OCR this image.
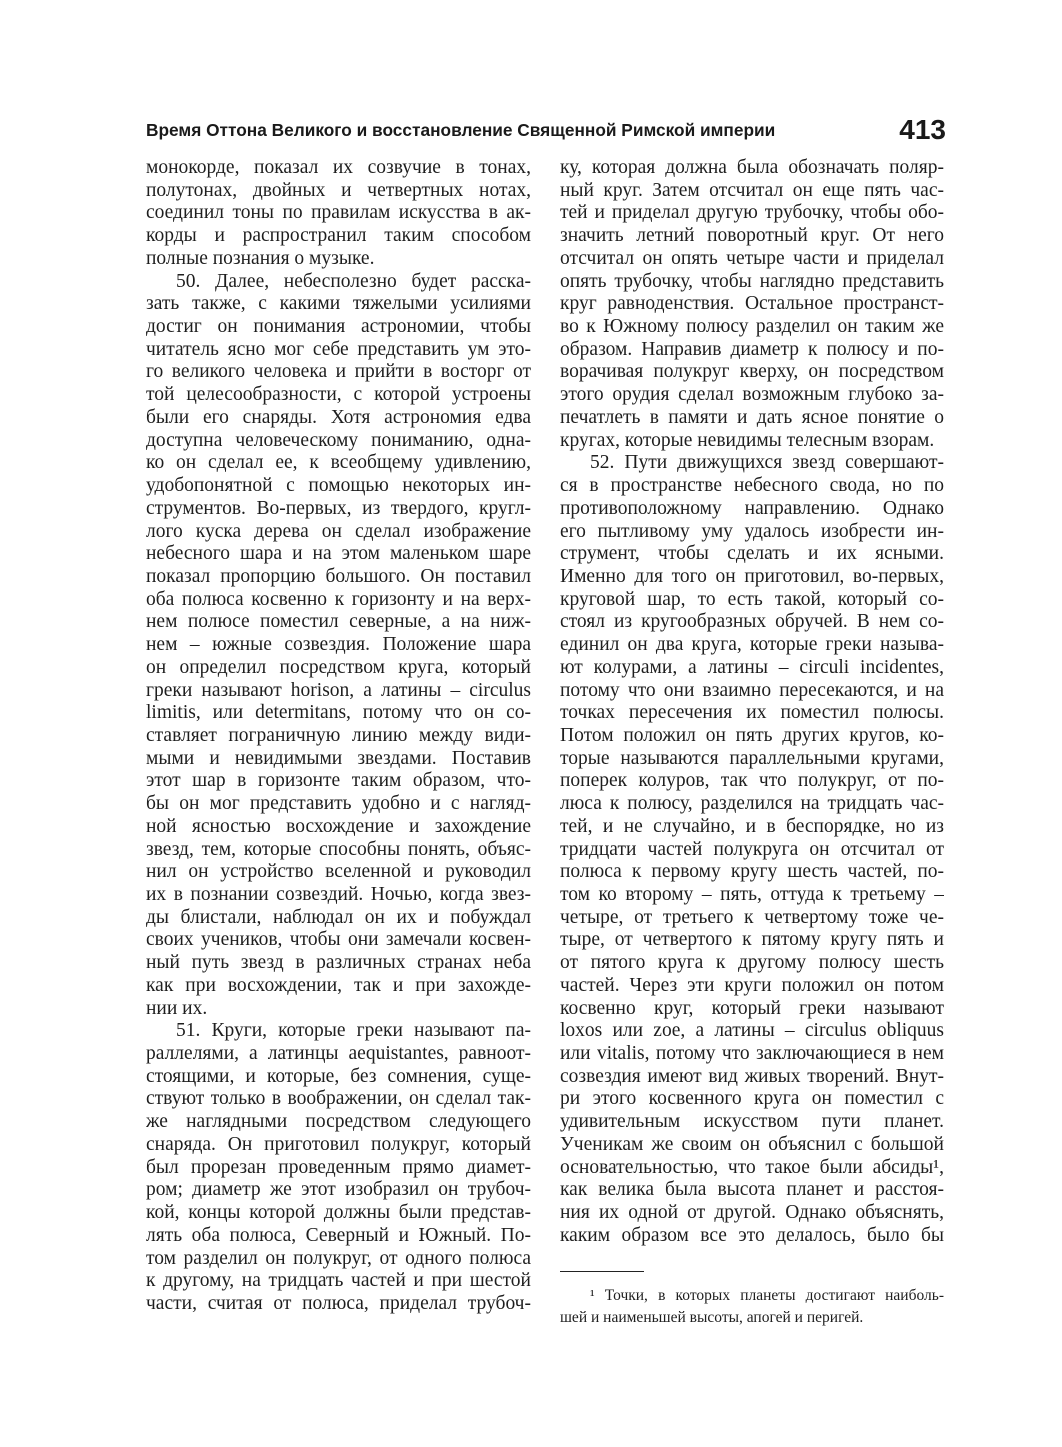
Время Оттона Великого и восстановление Священной Римской империи	413
монокорде, показал их созвучие в тонах,
полутонах, двойных и четвертных нотах,
соединил тоны по правилам искусства в ак-
корды и распространил таким способом
полные познания о музыке.
50. Далее, небесполезно будет расска-
зать также, с какими тяжелыми усилиями
достиг он понимания астрономии, чтобы
читатель ясно мог себе представить ум это-
го великого человека и прийти в восторг от
той целесообразности, с которой устроены
были его снаряды. Хотя астрономия едва
доступна человеческому пониманию, одна-
ко он сделал ее, к всеобщему удивлению,
удобопонятной с помощью некоторых ин-
струментов. Во-первых, из твердого, кругл-
лого куска дерева он сделал изображение
небесного шара и на этом маленьком шаре
показал пропорцию большого. Он поставил
оба полюса косвенно к горизонту и на верх-
нем полюсе поместил северные, а на ниж-
нем – южные созвездия. Положение шара
он определил посредством круга, который
греки называют horison, а латины – circulus
limitis, или determitans, потому что он со-
ставляет пограничную линию между види-
мыми и невидимыми звездами. Поставив
этот шар в горизонте таким образом, что-
бы он мог представить удобно и с нагляд-
ной ясностью восхождение и захождение
звезд, тем, которые способны понять, объяс-
нил он устройство вселенной и руководил
их в познании созвездий. Ночью, когда звез-
ды блистали, наблюдал он их и побуждал
своих учеников, чтобы они замечали косвен-
ный путь звезд в различных странах неба
как при восхождении, так и при захожде-
нии их.
51. Круги, которые греки называют па-
раллелями, а латинцы aequistantes, равноот-
стоящими, и которые, без сомнения, суще-
ствуют только в воображении, он сделал так-
же наглядными посредством следующего
снаряда. Он приготовил полукруг, который
был прорезан проведенным прямо диамет-
ром; диаметр же этот изобразил он трубоч-
кой, концы которой должны были представ-
лять оба полюса, Северный и Южный. По-
том разделил он полукруг, от одного полюса
к другому, на тридцать частей и при шестой
части, считая от полюса, приделал трубоч-
ку, которая должна была обозначать поляр-
ный круг. Затем отсчитал он еще пять час-
тей и приделал другую трубочку, чтобы обо-
значить летний поворотный круг. От него
отсчитал он опять четыре части и приделал
опять трубочку, чтобы наглядно представить
круг равноденствия. Остальное пространст-
во к Южному полюсу разделил он таким же
образом. Направив диаметр к полюсу и по-
ворачивая полукруг кверху, он посредством
этого орудия сделал возможным глубоко за-
печатлеть в памяти и дать ясное понятие о
кругах, которые невидимы телесным взорам.
52. Пути движущихся звезд совершают-
ся в пространстве небесного свода, но по
противоположному направлению. Однако
его пытливому уму удалось изобрести ин-
струмент, чтобы сделать и их ясными.
Именно для того он приготовил, во-первых,
круговой шар, то есть такой, который со-
стоял из кругообразных обручей. В нем со-
единил он два круга, которые греки называ-
ют колурами, а латины – circuli incidentes,
потому что они взаимно пересекаются, и на
точках пересечения их поместил полюсы.
Потом положил он пять других кругов, ко-
торые называются параллельными кругами,
поперек колуров, так что полукруг, от по-
люса к полюсу, разделился на тридцать час-
тей, и не случайно, и в беспорядке, но из
тридцати частей полукруга он отсчитал от
полюса к первому кругу шесть частей, по-
том ко второму – пять, оттуда к третьему –
четыре, от третьего к четвертому тоже че-
тыре, от четвертого к пятому кругу пять и
от пятого круга к другому полюсу шесть
частей. Через эти круги положил он потом
косвенно круг, который греки называют
loxos или zoe, а латины – circulus obliquus
или vitalis, потому что заключающиеся в нем
созвездия имеют вид живых творений. Внут-
ри этого косвенного круга он поместил с
удивительным искусством пути планет.
Ученикам же своим он объяснил с большой
основательностью, что такое были абсиды¹,
как велика была высота планет и расстоя-
ния их одной от другой. Однако объяснять,
каким образом все это делалось, было бы
¹ Точки, в которых планеты достигают наиболь-
шей и наименьшей высоты, апогей и перигей.
